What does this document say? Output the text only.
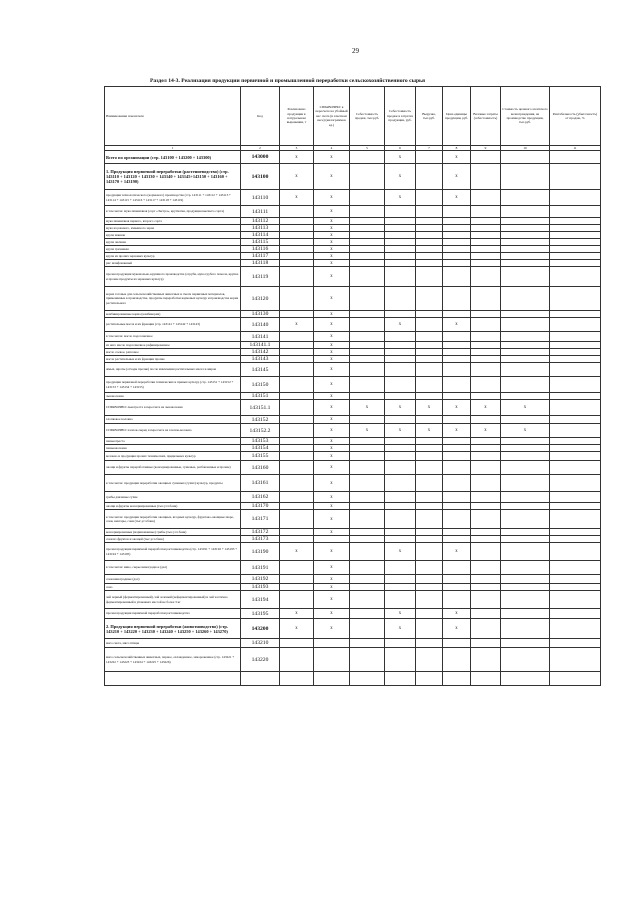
29
Раздел 14-3. Реализация продукции первичной и промышленной переработки сельскохозяйственного сырья
Наименование показателя	Код	Реализовано продукции в натуральном выражении, т	СПРАВОЧНО: в пересчете на убойный вес скота (в зачетном весе) (килограммов ед.)	Себестоимость продаж, тыс.руб.	Себестоимость продаж в затратах продукции, руб.	Выручка, тыс.руб.	Цена единицы продукции, руб.	Валовые затраты (себестоимость)	Стоимость целевого агентского вознаграждения, на производство продукции, тыс.руб.	Рентабельность (убыточность) от продаж, %
1	2	3	4	5	6	7	8	9	10	11
Всего по организации (стр. 143100 + 143200 + 143300)	143000	x	x		x		x			
1. Продукция первичной переработки (растениеводство) (стр. 143110 + 143120 + 143130 + 143140 + 143145+143150 + 143160 + 143170 + 143190)	143100	x	x		x		x			
продукция технологического (кормового) производства (стр. 143111 + 143112 + 143113 + 143114 + 143115 + 143116 + 143117 + 143118 + 143119)	143110	x	x		x		x			
в том числе: мука пшеничная (сорт «Экстра», крупчатка, продукция высшего сорта)	143111		x							
мука пшеничная первого, второго сорта	143112		x							
мука из ржаного, ячменного зерна	143113		x							
крупа манная	143114		x							
крупа овсяная	143115		x							
крупа гречневая	143116		x							
крупа из прочих зерновых культур	143117		x							
рис шлифованный	143118		x							
прочая продукция мукомольно-крупяного производства (отруби, мука грубого помола, крупка и прочие продукты из зерновых культур)	143119		x							
корма готовые для сельскохозяйственных животных и смеси первичных материалов, применяемые в производстве, продукты переработки кормовых культур и производства корма растительного	143120		x							
комбинированные корма (комбикорма)	143130		x							
растительные масла и их фракции (стр. 143141 + 143142 + 143143)	143140	x	x		x		x			
в том числе: масло подсолнечное	143141		x							
из него масло подсолнечное рафинированное	143141.1		x							
масло соевое, рапсовое	143142		x							
масла растительные и их фракции прочие	143143		x							
жмых, шроты (отходы прочие) после извлечения растительных масел и жиров	143145		x							
продукция первичной переработки технических и пряных культур (стр. 143151 + 143152 + 143153 + 143154 + 143155)	143150		x							
льноволокно	143151		x							
СПРАВОЧНО: льнотреста в пересчете на льноволокно	143151.1		x	x	x	x	x	x	x	
хлопковое волокно	143152		x							
СПРАВОЧНО: хлопок-сырец в пересчете на хлопок-волокно	143152.2		x	x	x	x	x	x	x	
пенькотреста	143153		x							
пеньковолокно	143154		x							
волокно и продукция прочих технических, прядильных культур	143155		x							
овощи и фрукты переработанные (консервированные, сушеные, разбавленные и прочие)	143160		x							
в том числе: продукция переработки овощных сушеных (сухих) культур, продукты	143161		x							
грибы давленые сухие	143162		x							
овощи и фрукты консервированные (тыс.усл.банк)	143170		x							
в том числе: продукция переработки овощных, ягодных культур, фруктово-овощные пюре, соки, нектары, соки (тыс.усл.банк)	143171		x							
консервированные (маринованные) грибы (тыс.усл.банк)	143172		x							
соки из фруктов и овощей (тыс.усл.банк)	143173									
прочая продукция первичной переработки растениеводства (стр. 143191 + 143192 + 143193 + 143194 + 143195)	143190	x	x		x		x			
в том числе: вино, сырье виноградное (дал)	143191		x							
соки виноградные (дал)	143192		x							
сено	143193		x							
чай черный (ферментированный), чай зеленый (неферментированный) и чай частично ферментированный в упаковках массой не более 3 кг	143194		x							
прочая продукция первичной переработки растениеводства	143195	x	x		x		x			
2. Продукция первичной переработки (животноводство) (стр. 143210 + 143220 + 143230 + 143240 + 143250 + 143260 + 143270)	143200	x	x		x		x			
мясо скота, мясо птицы	143210									
мясо сельскохозяйственных животных, парное, охлажденное, замороженное (стр. 143221 + 143222 + 143223 + 143224 + 143225 + 143226)	143220									
